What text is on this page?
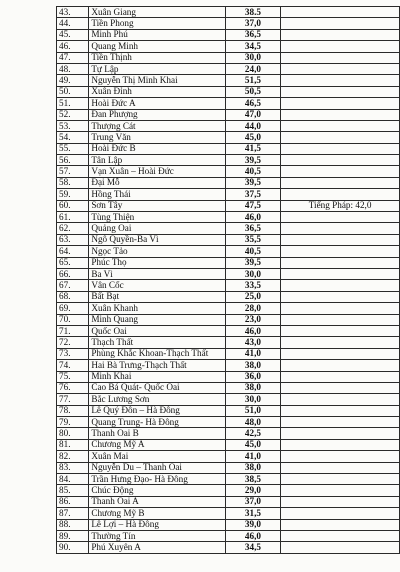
43.	Xuân Giang	38.5	
44.	Tiền Phong	37,0	
45.	Minh Phú	36,5	
46.	Quang Minh	34,5	
47.	Tiền Thịnh	30,0	
48.	Tự Lập	24,0	
49.	Nguyễn Thị Minh Khai	51,5	
50.	Xuân Đỉnh	50,5	
51.	Hoài Đức A	46,5	
52.	Đan Phượng	47,0	
53.	Thượng Cát	44,0	
54.	Trung Văn	45,0	
55.	Hoài Đức B	41,5	
56.	Tân Lập	39,5	
57.	Vạn Xuân – Hoài Đức	40,5	
58.	Đại Mỗ	39,5	
59.	Hồng Thái	37,5	
60.	Sơn Tây	47,5	Tiếng Pháp: 42,0
61.	Tùng Thiện	46,0	
62.	Quảng Oai	36,5	
63.	Ngô Quyền-Ba Vì	35,5	
64.	Ngọc Tảo	40,5	
65.	Phúc Thọ	39,5	
66.	Ba Vì	30,0	
67.	Vân Cốc	33,5	
68.	Bất Bạt	25,0	
69.	Xuân Khanh	28,0	
70.	Minh Quang	23,0	
71.	Quốc Oai	46,0	
72.	Thạch Thất	43,0	
73.	Phùng Khắc Khoan-Thạch Thất	41,0	
74.	Hai Bà Trưng-Thạch Thất	38,0	
75.	Minh Khai	36,0	
76.	Cao Bá Quát- Quốc Oai	38,0	
77.	Bắc Lương Sơn	30,0	
78.	Lê Quý Đôn – Hà Đông	51,0	
79.	Quang Trung- Hà Đông	48,0	
80.	Thanh Oai B	42,5	
81.	Chương Mỹ A	45,0	
82.	Xuân Mai	41,0	
83.	Nguyễn Du – Thanh Oai	38,0	
84.	Trần Hưng Đạo- Hà Đông	38,5	
85.	Chúc Động	29,0	
86.	Thanh Oai A	37,0	
87.	Chương Mỹ B	31,5	
88.	Lê Lợi – Hà Đông	39,0	
89.	Thường Tín	46,0	
90.	Phú Xuyên A	34,5	
